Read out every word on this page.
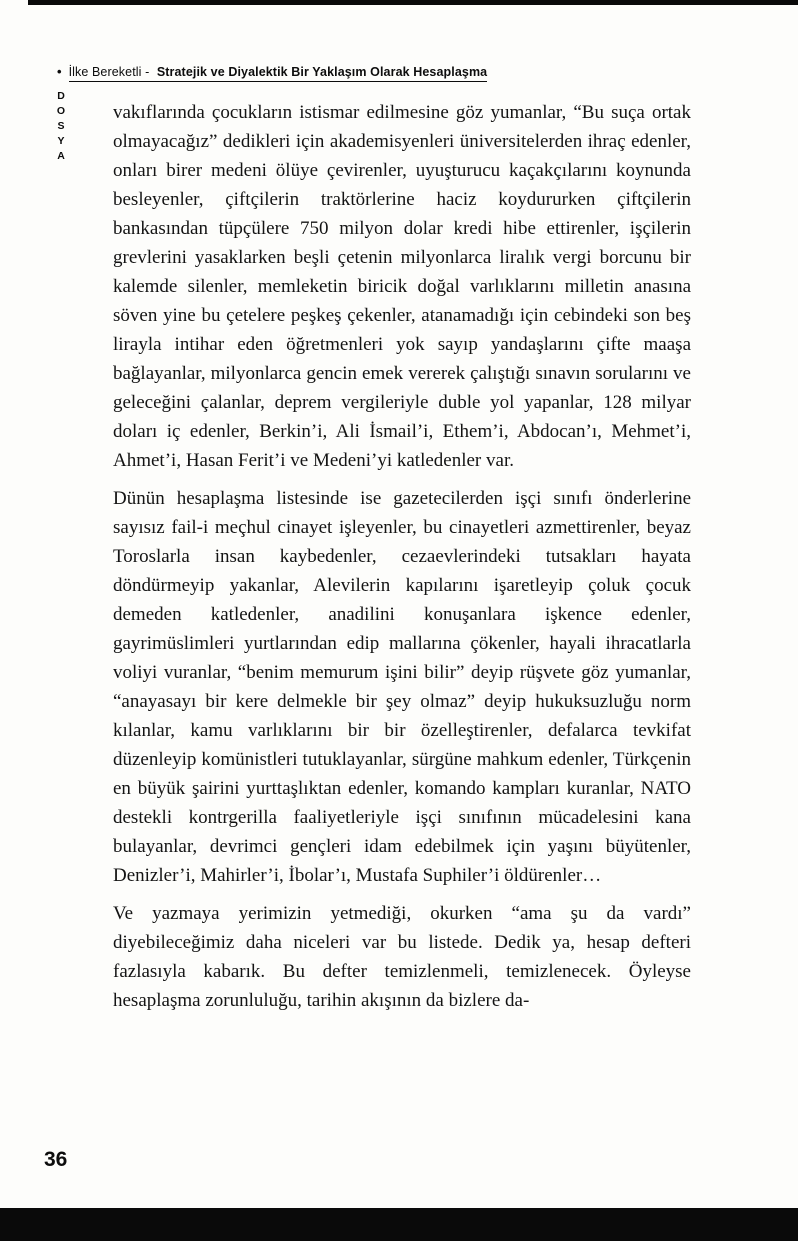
• İlke Bereketli - Stratejik ve Diyalektik Bir Yaklaşım Olarak Hesaplaşma
DOSYA vakıflarında çocukların istismar edilmesine göz yumanlar, “Bu suça ortak olmayacağız” dedikleri için akademisyenleri üniversitelerden ihraç edenler, onları birer medeni ölüye çevirenler, uyuşturucu kaçakçılarını koynunda besleyenler, çiftçilerin traktörlerine haciz koydururken çiftçilerin bankasından tüpçülere 750 milyon dolar kredi hibe ettirenler, işçilerin grevlerini yasaklarken beşli çetenin milyonlarca liralık vergi borcunu bir kalemde silenler, memleketin biricik doğal varlıklarını milletin anasına söven yine bu çetelere peşkeş çekenler, atanamadığı için cebindeki son beş lirayla intihar eden öğretmenleri yok sayıp yandaşlarını çifte maaşa bağlayanlar, milyonlarca gencin emek vererek çalıştığı sınavın sorularını ve geleceğini çalanlar, deprem vergileriyle duble yol yapanlar, 128 milyar doları iç edenler, Berkin’i, Ali İsmail’i, Ethem’i, Abdocan’ı, Mehmet’i, Ahmet’i, Hasan Ferit’i ve Medeni’yi katledenler var.

Dünün hesaplaşma listesinde ise gazetecilerden işçi sınıfı önderlerine sayısız fail-i meçhul cinayet işleyenler, bu cinayetleri azmettirenler, beyaz Toroslarla insan kaybedenler, cezaevlerindeki tutsakları hayata döndürmeyip yakanlar, Alevilerin kapılarını işaretleyip çoluk çocuk demeden katledenler, anadilini konuşanlara işkence edenler, gayrimüslimleri yurtlarından edip mallarına çökenler, hayali ihracatlarla voliyi vuranlar, “benim memurum işini bilir” deyip rüşvete göz yumanlar, “anayasayı bir kere delmekle bir şey olmaz” deyip hukuksuzluğu norm kılanlar, kamu varlıklarını bir bir özelleştirenler, defalarca tevkifat düzenleyip komünistleri tutuklayanlar, sürgüne mahkum edenler, Türkçenin en büyük şairini yurttaşlıktan edenler, komando kampları kuranlar, NATO destekli kontrgerilla faaliyetleriyle işçi sınıfının mücadelesini kana bulayanlar, devrimci gençleri idam edebilmek için yaşını büyütenler, Denizler’i, Mahirler’i, İbolar’ı, Mustafa Suphiler’i öldürenler…

Ve yazmaya yerimizin yetmediği, okurken “ama şu da vardı” diyebileceğimiz daha niceleri var bu listede. Dedik ya, hesap defteri fazlasıyla kabarık. Bu defter temizlenmeli, temizlenecek. Öyleyse hesaplaşma zorunluluğu, tarihin akışının da bizlere da-

36
